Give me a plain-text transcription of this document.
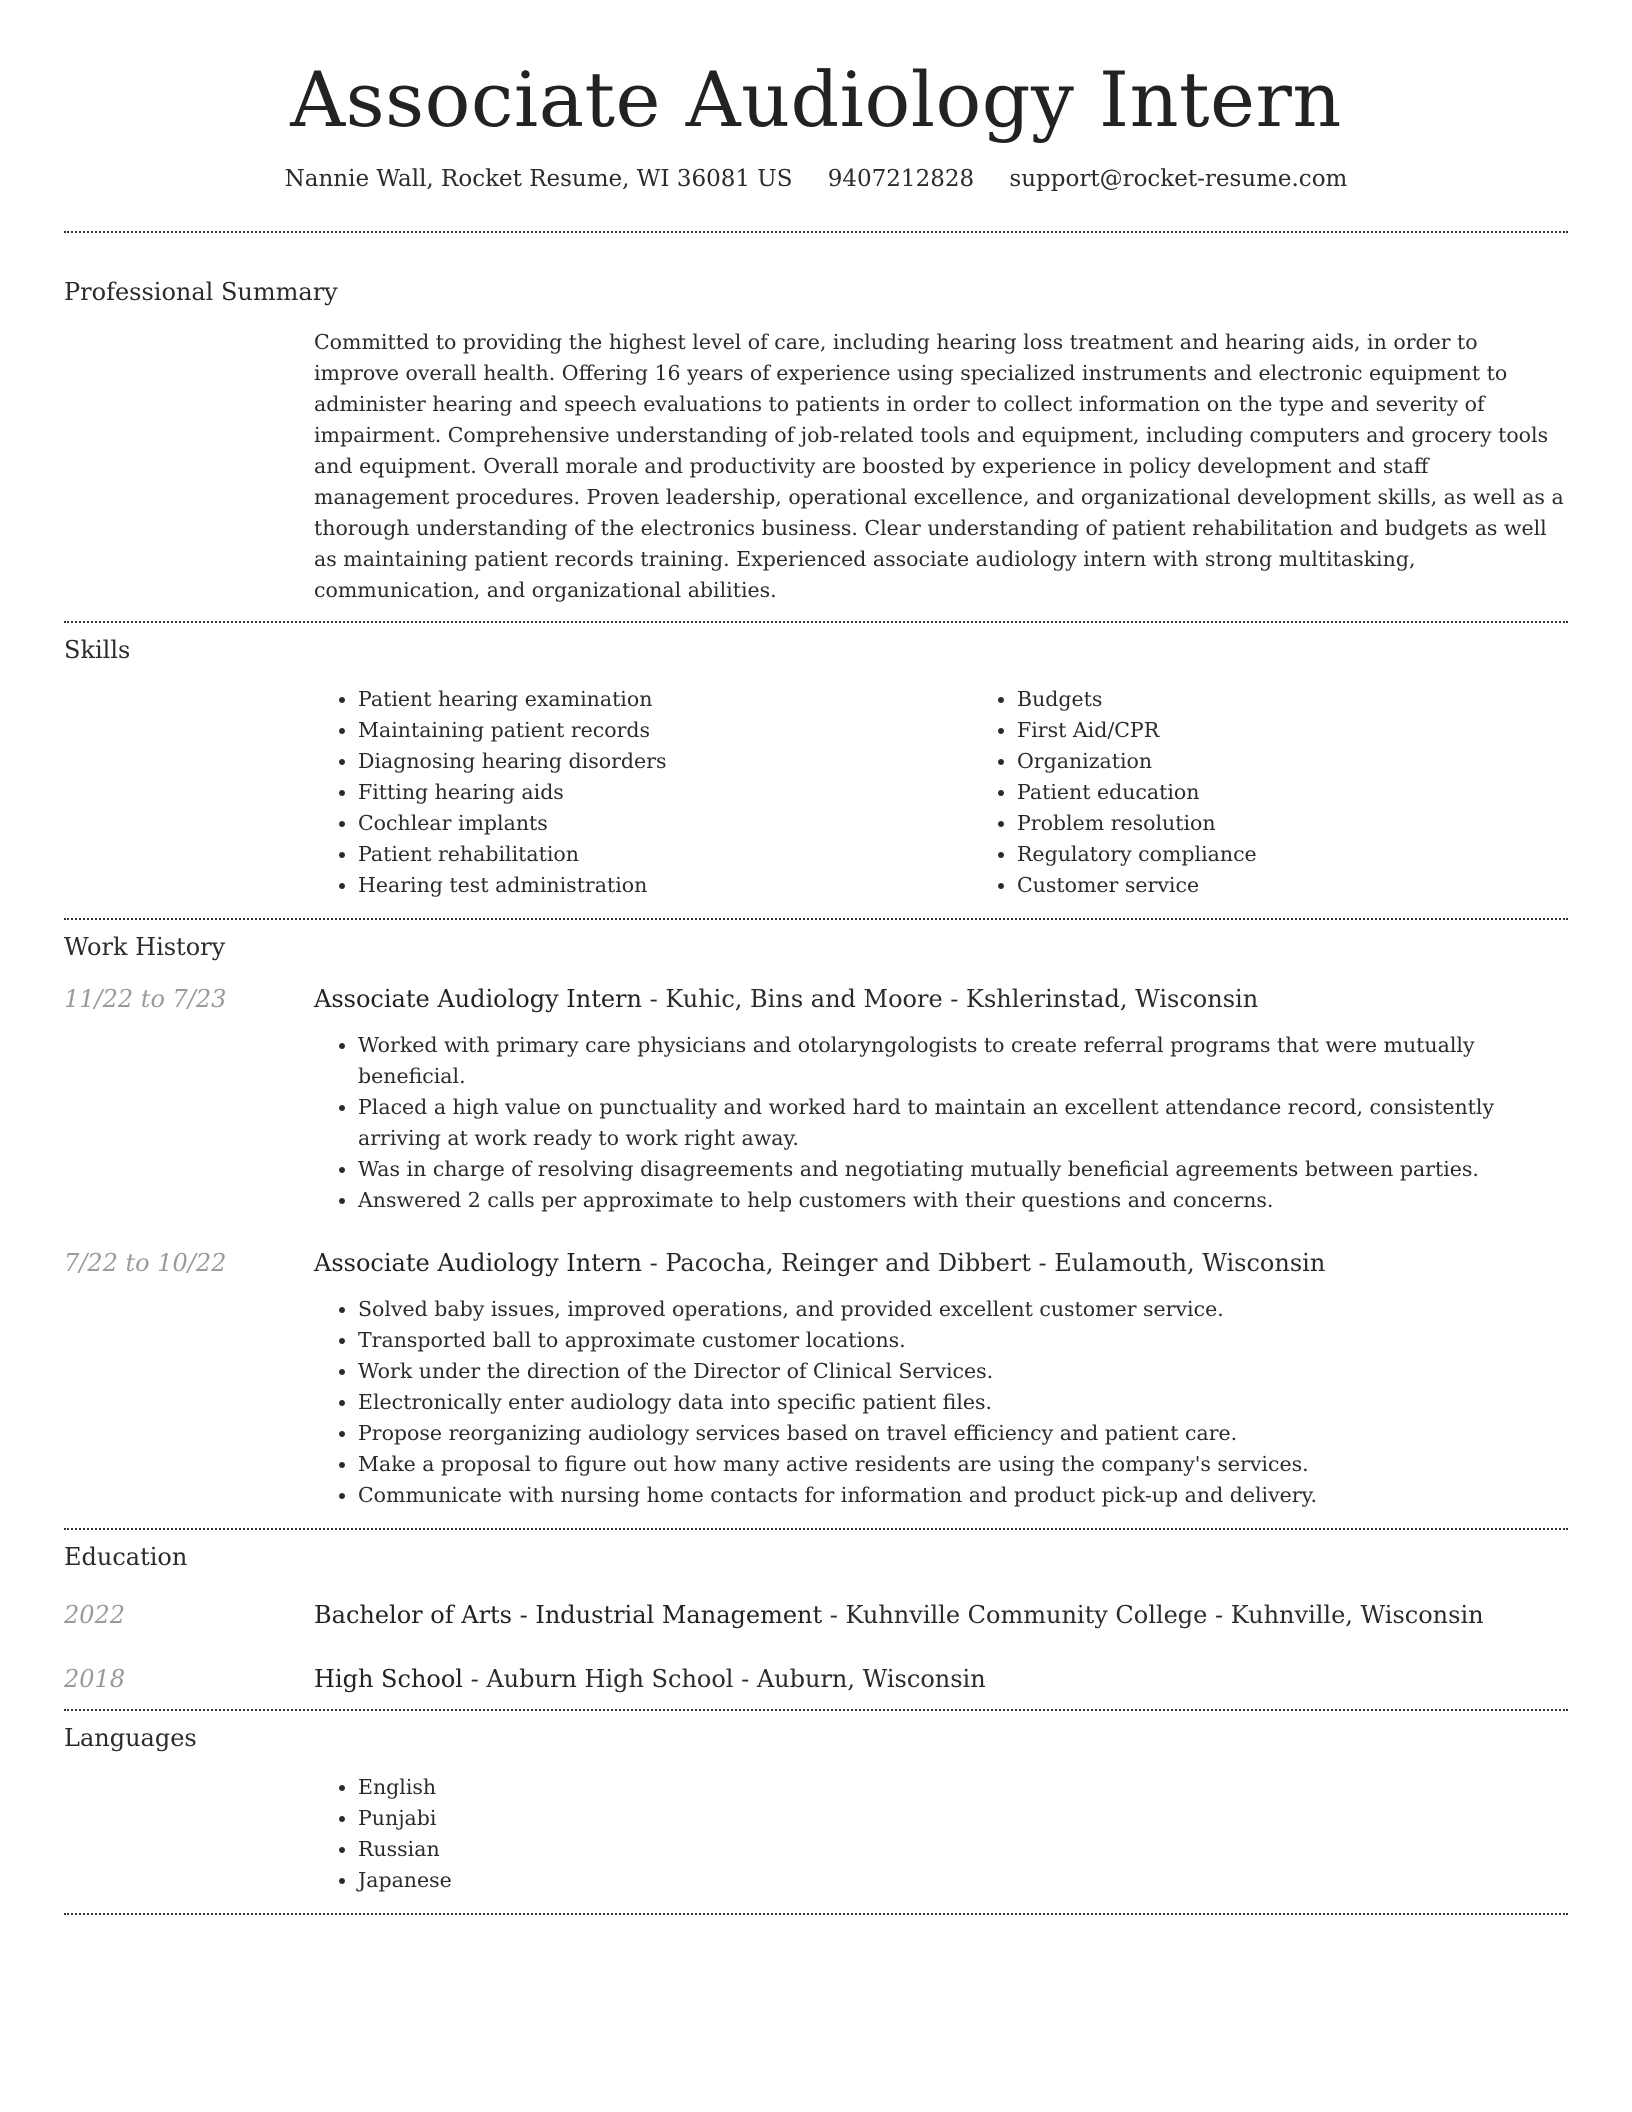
Associate Audiology Intern
Nannie Wall, Rocket Resume, WI 36081 US 9407212828 support@rocket-resume.com
Professional Summary

Committed to providing the highest level of care, including hearing loss treatment and hearing aids, in order to improve overall health. Offering 16 years of experience using specialized instruments and electronic equipment to administer hearing and speech evaluations to patients in order to collect information on the type and severity of impairment. Comprehensive understanding of job-related tools and equipment, including computers and grocery tools and equipment. Overall morale and productivity are boosted by experience in policy development and staff management procedures. Proven leadership, operational excellence, and organizational development skills, as well as a thorough understanding of the electronics business. Clear understanding of patient rehabilitation and budgets as well as maintaining patient records training. Experienced associate audiology intern with strong multitasking, communication, and organizational abilities.

Skills
• Patient hearing examination
• Maintaining patient records
• Diagnosing hearing disorders
• Fitting hearing aids
• Cochlear implants
• Patient rehabilitation
• Hearing test administration
• Budgets
• First Aid/CPR
• Organization
• Patient education
• Problem resolution
• Regulatory compliance
• Customer service
Work History
11/22 to 7/23	Associate Audiology Intern - Kuhic, Bins and Moore - Kshlerinstad, Wisconsin
• Worked with primary care physicians and otolaryngologists to create referral programs that were mutually beneficial.
• Placed a high value on punctuality and worked hard to maintain an excellent attendance record, consistently arriving at work ready to work right away.
• Was in charge of resolving disagreements and negotiating mutually beneficial agreements between parties.
• Answered 2 calls per approximate to help customers with their questions and concerns.
7/22 to 10/22	Associate Audiology Intern - Pacocha, Reinger and Dibbert - Eulamouth, Wisconsin
• Solved baby issues, improved operations, and provided excellent customer service.
• Transported ball to approximate customer locations.
• Work under the direction of the Director of Clinical Services.
• Electronically enter audiology data into specific patient files.
• Propose reorganizing audiology services based on travel efficiency and patient care.
• Make a proposal to figure out how many active residents are using the company's services.
• Communicate with nursing home contacts for information and product pick-up and delivery.
Education
2022	Bachelor of Arts - Industrial Management - Kuhnville Community College - Kuhnville, Wisconsin
2018	High School - Auburn High School - Auburn, Wisconsin
Languages
• English
• Punjabi
• Russian
• Japanese
